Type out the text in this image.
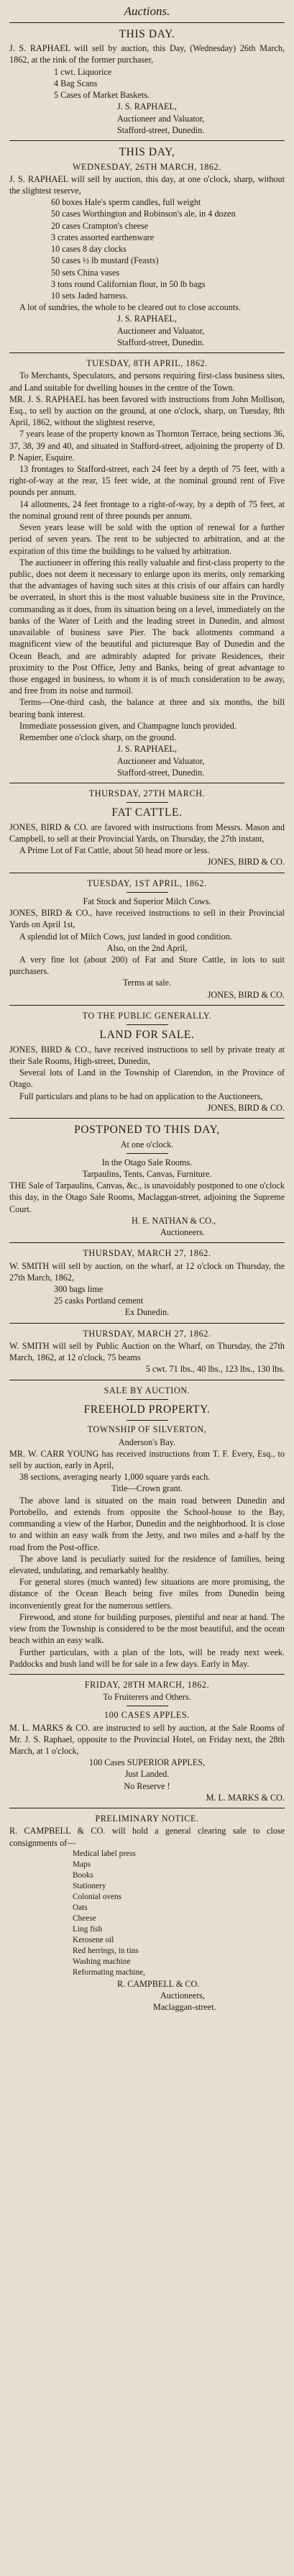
Auctions.
THIS DAY.
J. S. RAPHAEL will sell by auction, this Day, (Wednesday) 26th March, 1862, at the rink of the former purchaser,
1 cwt. Liquorice
4 Bag Scans
5 Cases of Market Baskets.
J. S. RAPHAEL,
Auctioneer and Valuator,
Stafford-street, Dunedin.
THIS DAY,
WEDNESDAY, 26TH MARCH, 1862.
J. S. RAPHAEL will sell by auction, this day, at one o'clock, sharp, without the slightest reserve,
60 boxes Hale's sperm candles, full weight
50 cases Worthington and Robinson's ale, in 4 dozen
20 cases Crampton's cheese
3 crates assorted earthenware
10 cases 8 day clocks
50 cases ½ lb mustard (Feasts)
50 sets China vases
3 tons round Californian flour, in 50 lb bags
10 sets Jaded harness.
A lot of sundries, the whole to be cleared out to close accounts.
J. S. RAPHAEL,
Auctioneer and Valuator,
Stafford-street, Dunedin.
TUESDAY, 8TH APRIL, 1862.
To Merchants, Speculators, and persons requiring first-class business sites, and Land suitable for dwelling houses in the centre of the Town.
MR. J. S. RAPHAEL has been favored with instructions from John Mollison, Esq., to sell by auction on the ground, at one o'clock, sharp, on Tuesday, 8th April, 1862, without the slightest reserve,
7 years lease of the property known as Thornton Terrace, being sections 36, 37, 38, 39 and 40, and situated in Stafford-street, adjoining the property of D. P. Napier, Esquire.
13 frontages to Stafford-street, each 24 feet by a depth of 75 feet, with a right-of-way at the rear, 15 feet wide, at the nominal ground rent of Five pounds per annum.
14 allotments, 24 feet frontage to a right-of-way, by a depth of 75 feet, at the nominal ground rent of three pounds per annum.
Seven years lease will be sold with the option of renewal for a further period of seven years. The rent to be subjected to arbitration, and at the expiration of this time the buildings to be valued by arbitration.
The auctioneer in offering this really valuable and first-class property to the public, does not deem it necessary to enlarge upon its merits, only remarking that the advantages of having such sites at this crisis of our affairs can hardly be overrated, in short this is the most valuable business site in the Province, commanding as it does, from its situation being on a level, immediately on the banks of the Water of Leith and the leading street in Dunedin, and almost unavailable of business save Pier. The back allotments command a magnificent view of the beautiful and picturesque Bay of Dunedin and the Ocean Beach, and are admirably adapted for private Residences, their proximity to the Post Office, Jetty and Banks, being of great advantage to those engaged in business, to whom it is of much consideration to be away, and free from its noise and turmoil.
Terms—One-third cash, the balance at three and six months, the bill bearing bank interest.
Immediate possession given, and Champagne lunch provided.
Remember one o'clock sharp, on the ground.
J. S. RAPHAEL,
Auctioneer and Valuator,
Stafford-street, Dunedin.
THURSDAY, 27TH MARCH.
FAT CATTLE.
JONES, BIRD & CO. are favored with instructions from Messrs. Mason and Campbell, to sell at their Provincial Yards, on Thursday, the 27th instant,
A Prime Lot of Fat Cattle, about 50 head more or less.
JONES, BIRD & CO.
TUESDAY, 1ST APRIL, 1862.
Fat Stock and Superior Milch Cows.
JONES, BIRD & CO., have received instructions to sell in their Provincial Yards on April 1st,
A splendid lot of Milch Cows, just landed in good condition.
Also, on the 2nd April,
A very fine lot (about 200) of Fat and Store Cattle, in lots to suit purchasers.
Terms at sale.
JONES, BIRD & CO.
TO THE PUBLIC GENERALLY.
LAND FOR SALE.
JONES, BIRD & CO., have received instructions to sell by private treaty at their Sale Rooms, High-street, Dunedin,
Several lots of Land in the Township of Clarendon, in the Province of Otago.
Full particulars and plans to be had on application to the Auctioneers,
JONES, BIRD & CO.
POSTPONED TO THIS DAY,
At one o'clock.
In the Otago Sale Rooms.
Tarpaulins, Tents, Canvas, Furniture.
THE Sale of Tarpaulins, Canvas, &c., is unavoidably postponed to one o'clock this day, in the Otago Sale Rooms, Maclaggan-street, adjoining the Supreme Court.
H. E. NATHAN & CO.,
Auctioneers.
THURSDAY, MARCH 27, 1862.
W. SMITH will sell by auction, on the wharf, at 12 o'clock on Thursday, the 27th March, 1862,
300 bags lime
25 casks Portland cement
Ex Dunedin.
THURSDAY, MARCH 27, 1862.
W. SMITH will sell by Public Auction on the Wharf, on Thursday, the 27th March, 1862, at 12 o'clock, 75 beams
5 cwt. 71 lbs., 40 lbs., 123 lbs., 130 lbs.
SALE BY AUCTION.
FREEHOLD PROPERTY.
TOWNSHIP OF SILVERTON,
Anderson's Bay.
MR. W. CARR YOUNG has received instructions from T. F. Every, Esq., to sell by auction, early in April,
38 sections, averaging nearly 1,000 square yards each.
Title—Crown grant.
The above land is situated on the main road between Dunedin and Portobello, and extends from opposite the School-house to the Bay, commanding a view of the Harbor, Dunedin and the neighborhood. It is close to and within an easy walk from the Jetty, and two miles and a-half by the road from the Post-office.
The above land is peculiarly suited for the residence of families, being elevated, undulating, and remarkably healthy.
For general stores (much wanted) few situations are more promising, the distance of the Ocean Beach being five miles from Dunedin being inconveniently great for the numerous settlers.
Firewood, and stone for building purposes, plentiful and near at hand. The view from the Township is considered to be the most beautiful, and the ocean beach within an easy walk.
Further particulars, with a plan of the lots, will be ready next week. Paddocks and bush land will be for sale in a few days. Early in May.
FRIDAY, 28TH MARCH, 1862.
To Fruiterers and Others.
100 CASES APPLES.
M. L. MARKS & CO. are instructed to sell by auction, at the Sale Rooms of Mr. J. S. Raphael, opposite to the Provincial Hotel, on Friday next, the 28th March, at 1 o'clock,
100 Cases SUPERIOR APPLES,
Just Landed.
No Reserve !
M. L. MARKS & CO.
PRELIMINARY NOTICE.
R. CAMPBELL & CO. will hold a general clearing sale to close consignments of—
Medical label press
Maps
Books
Stationery
Colonial ovens
Oats
Cheese
Ling fish
Kerosene oil
Red herrings, in tins
Washing machine
Reformating machine,
R. CAMPBELL & CO.
Auctioneers,
Maclaggan-street.
